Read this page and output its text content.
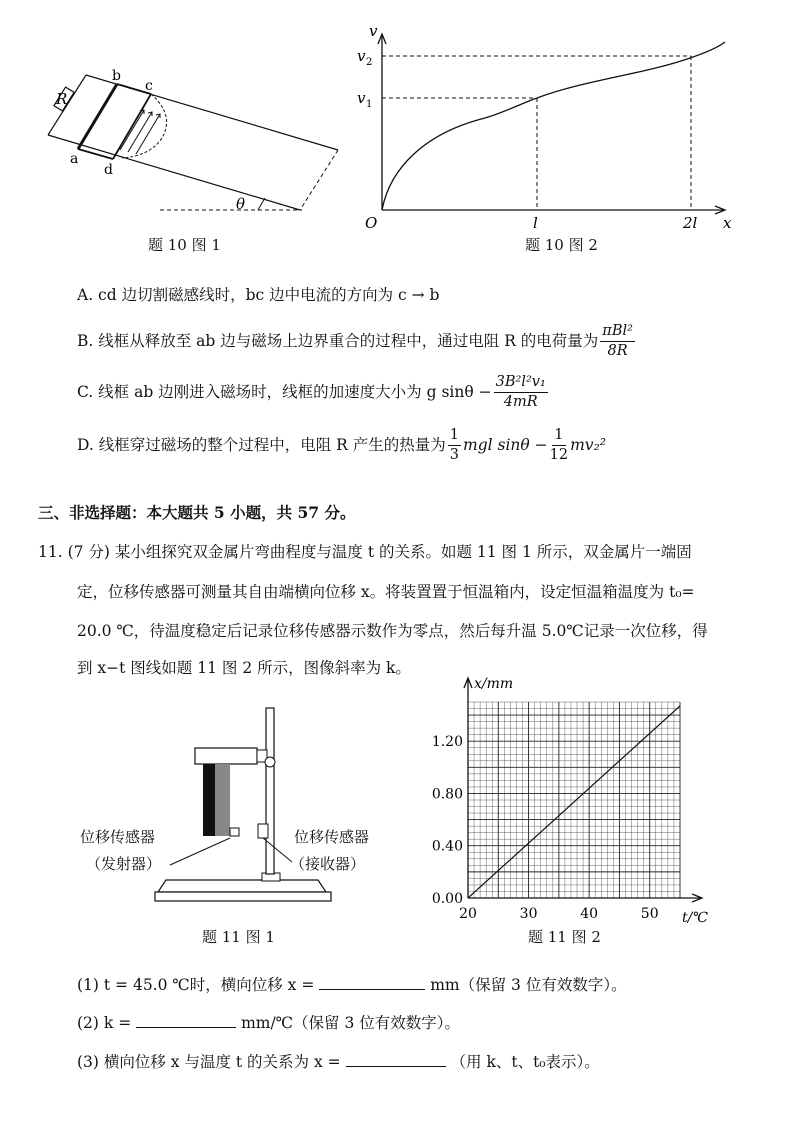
R
b
c
a
d
θ
题 10 图 1
v
v 2
v 1
O	l	2l x
题 10 图 2
A. cd 边切割磁感线时，bc 边中电流的方向为 c → b
B. 线框从释放至 ab 边与磁场上边界重合的过程中，通过电阻 R 的电荷量为 $\frac{\text{πBl²}}{8R}$
C. 线框 ab 边刚进入磁场时，线框的加速度大小为 g $\sin\theta - \frac{\text{3B²l²v₁}}{4mR}$
D. 线框穿过磁场的整个过程中，电阻 R 产生的热量为 $\frac{1}{3}$ mgl $\sin\theta - \frac{1}{12} mv_2^2$
三、非选择题：本大题共 5 小题，共 57 分。
11. (7 分) 某小组探究双金属片弯曲程度与温度 t 的关系。如题 11 图 1 所示，双金属片一端固
定，位移传感器可测量其自由端横向位移 x。将装置置于恒温箱内，设定恒温箱温度为 t₀=
20.0 ℃，待温度稳定后记录位移传感器示数作为零点，然后每升温 5.0℃记录一次位移，得
到 x−t 图线如题 11 图 2 所示，图像斜率为 k。
位移传感器
（发射器）
位移传感器
（接收器）
题 11 图 1
20	30	40	50
0.00
0.40
0.80
1.20
x/mm
t/℃
题 11 图 2
(1) t = 45.0 ℃时，横向位移 x =	mm（保留 3 位有效数字）。
(2) k =	mm/℃（保留 3 位有效数字）。
(3) 横向位移 x 与温度 t 的关系为 x =	（用 k、t、t₀表示）。
